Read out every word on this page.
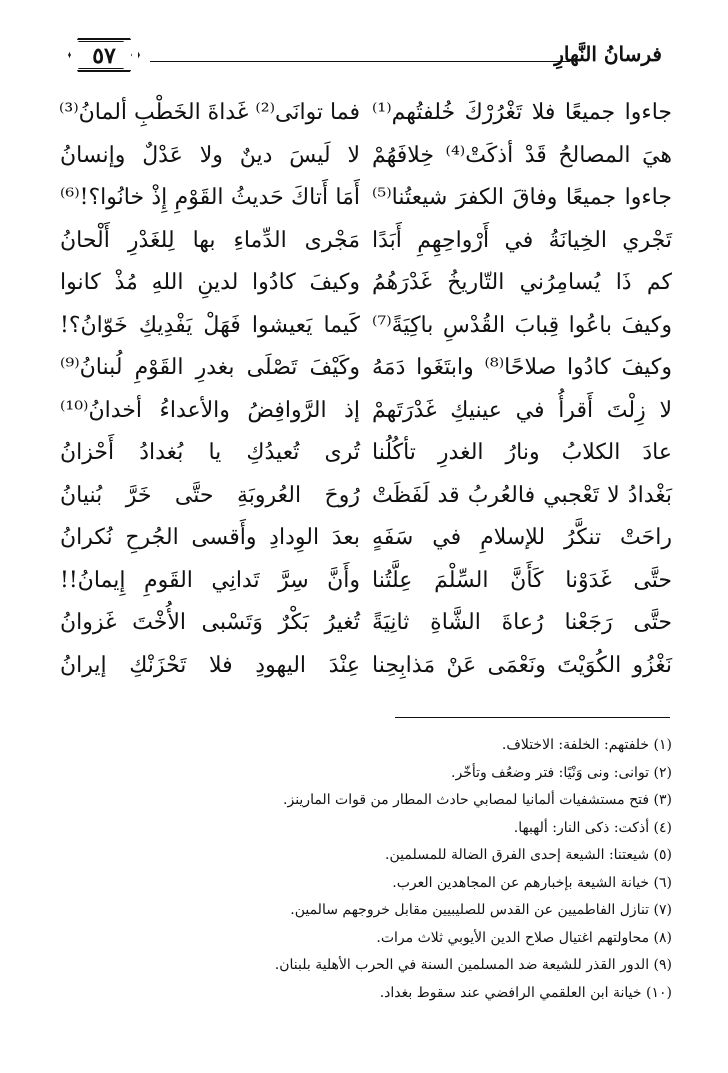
٥٧	فرسانُ النَّهارِ
جاءوا جميعًا فلا تَغْرُرْكَ خُلفتُهم⁽¹⁾
فما توانَى⁽²⁾ غَداةَ الخَطْبِ ألمانُ⁽³⁾
هيَ المصالحُ قَدْ أذكَتْ⁽⁴⁾ خِلافَهُمْ
لا لَيسَ دينٌ ولا عَدْلٌ وإنسانُ
جاءوا جميعًا وفاقَ الكفرَ شيعتُنا⁽⁵⁾
أَمَا أَتاكَ حَديثُ القَوْمِ إِذْ خانُوا؟!⁽⁶⁾
تَجْري الخِيانَةُ في أَرْواحِهِمِ أَبَدًا
مَجْرى الدِّماءِ بها لِلغَدْرِ أَلْحانُ
كم ذَا يُسامِرُني التّاريخُ غَدْرَهُمُ
وكيفَ كادُوا لدينِ اللهِ مُذْ كانوا
وكيفَ باعُوا قِبابَ القُدْسِ باكِيَةً⁽⁷⁾
كَيما يَعيشوا فَهَلْ يَفْدِيكِ خَوّانُ؟!
وكيفَ كادُوا صلاحًا⁽⁸⁾ وابتَغَوا دَمَهُ
وكَيْفَ تَصْلَى بغدرِ القَوْمِ لُبنانُ⁽⁹⁾
لا زِلْتَ أَقرأُ في عينيكِ غَدْرَتَهمْ
إذ الرَّوافِضُ والأعداءُ أخدانُ⁽¹⁰⁾
عادَ الكلابُ ونارُ الغدرِ تأكُلُنا
تُرى تُعيدُكِ يا بُغدادُ أَحْزانُ
بَغْدادُ لا تَعْجبي فالعُربُ قد لَفَظَتْ
رُوحَ العُروبَةِ حتَّى خَرَّ بُنيانُ
راحَتْ تنكَّرُ للإسلامِ في سَفَهٍ
بعدَ الوِدادِ وأَقسى الجُرحِ نُكرانُ
حتَّى غَدَوْنا كَأَنَّ السِّلْمَ عِلَّتُنا
وأَنَّ سِرَّ تَدانِي القَومِ إِيمانُ!!
حتَّى رَجَعْنا رُعاةَ الشَّاةِ ثانِيَةً
تُغيرُ بَكْرٌ وَتَسْبى الأُخْتَ غَزوانُ
نَغْزُو الكُوَيْتَ ونَعْمَى عَنْ مَذابِحِنا
عِنْدَ اليهودِ فلا تَحْزَنْكِ إيرانُ
(١) خلفتهم: الخلفة: الاختلاف.
(٢) توانى: ونى وَنْيًا: فتر وضعُف وتأخّر.
(٣) فتح مستشفيات ألمانيا لمصابي حادث المطار من قوات المارينز.
(٤) أذكت: ذكى النار: ألهبها.
(٥) شيعتنا: الشيعة إحدى الفرق الضالة للمسلمين.
(٦) خيانة الشيعة بإخبارهم عن المجاهدين العرب.
(٧) تنازل الفاطميين عن القدس للصليبيين مقابل خروجهم سالمين.
(٨) محاولتهم اغتيال صلاح الدين الأيوبي ثلاث مرات.
(٩) الدور القذر للشيعة ضد المسلمين السنة في الحرب الأهلية بلبنان.
(١٠) خيانة ابن العلقمي الرافضي عند سقوط بغداد.
